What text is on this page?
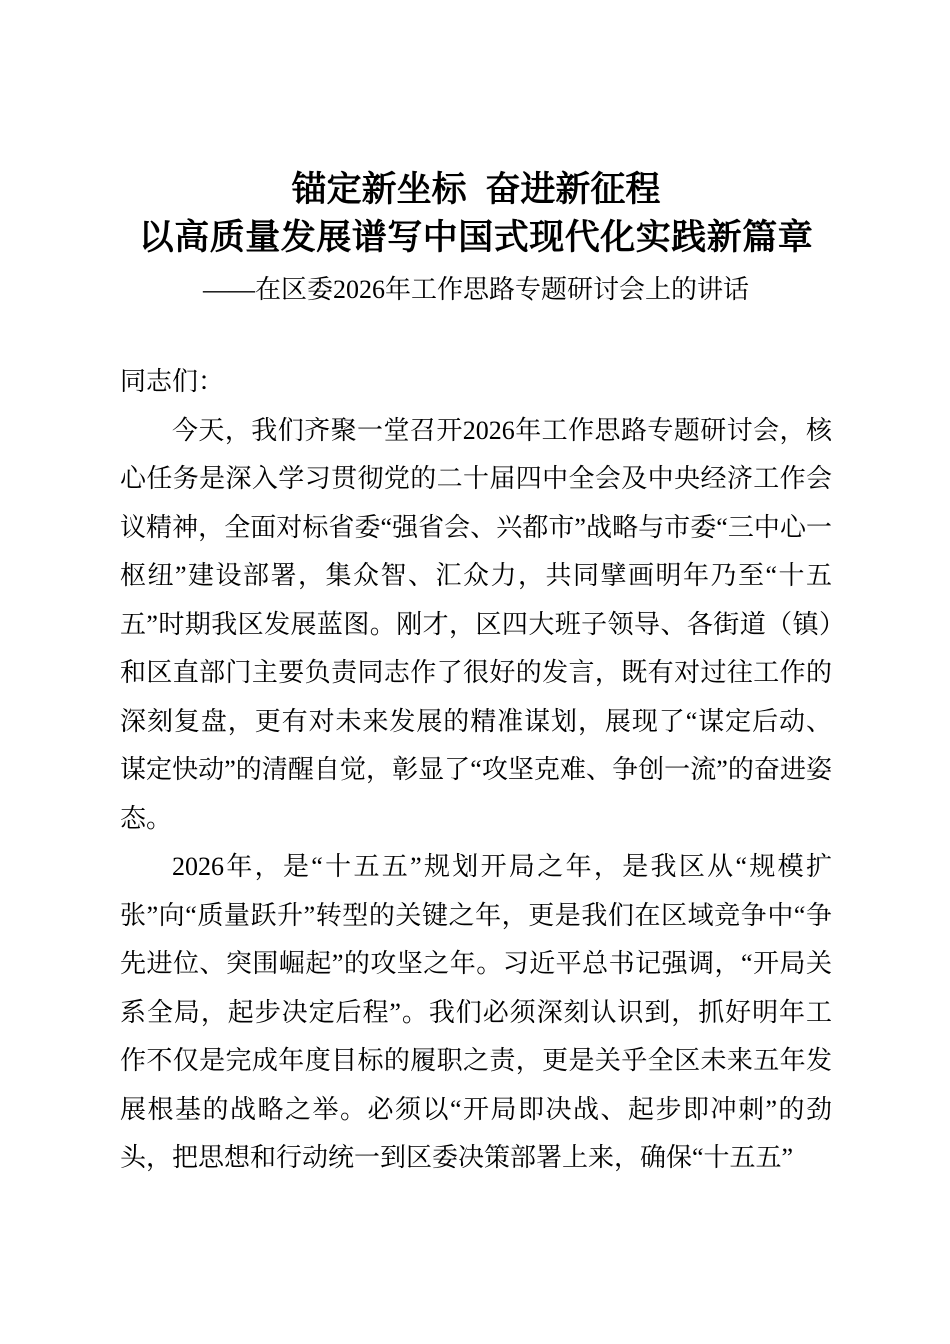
锚定新坐标 奋进新征程
以高质量发展谱写中国式现代化实践新篇章
——在区委2026年工作思路专题研讨会上的讲话

同志们：

今天，我们齐聚一堂召开2026年工作思路专题研讨会，核心任务是深入学习贯彻党的二十届四中全会及中央经济工作会议精神，全面对标省委“强省会、兴都市”战略与市委“三中心一枢纽”建设部署，集众智、汇众力，共同擘画明年乃至“十五五”时期我区发展蓝图。刚才，区四大班子领导、各街道（镇）和区直部门主要负责同志作了很好的发言，既有对过往工作的深刻复盘，更有对未来发展的精准谋划，展现了“谋定后动、谋定快动”的清醒自觉，彰显了“攻坚克难、争创一流”的奋进姿态。

2026年，是“十五五”规划开局之年，是我区从“规模扩张”向“质量跃升”转型的关键之年，更是我们在区域竞争中“争先进位、突围崛起”的攻坚之年。习近平总书记强调，“开局关系全局，起步决定后程”。我们必须深刻认识到，抓好明年工作不仅是完成年度目标的履职之责，更是关乎全区未来五年发展根基的战略之举。必须以“开局即决战、起步即冲刺”的劲头，把思想和行动统一到区委决策部署上来，确保“十五五”
